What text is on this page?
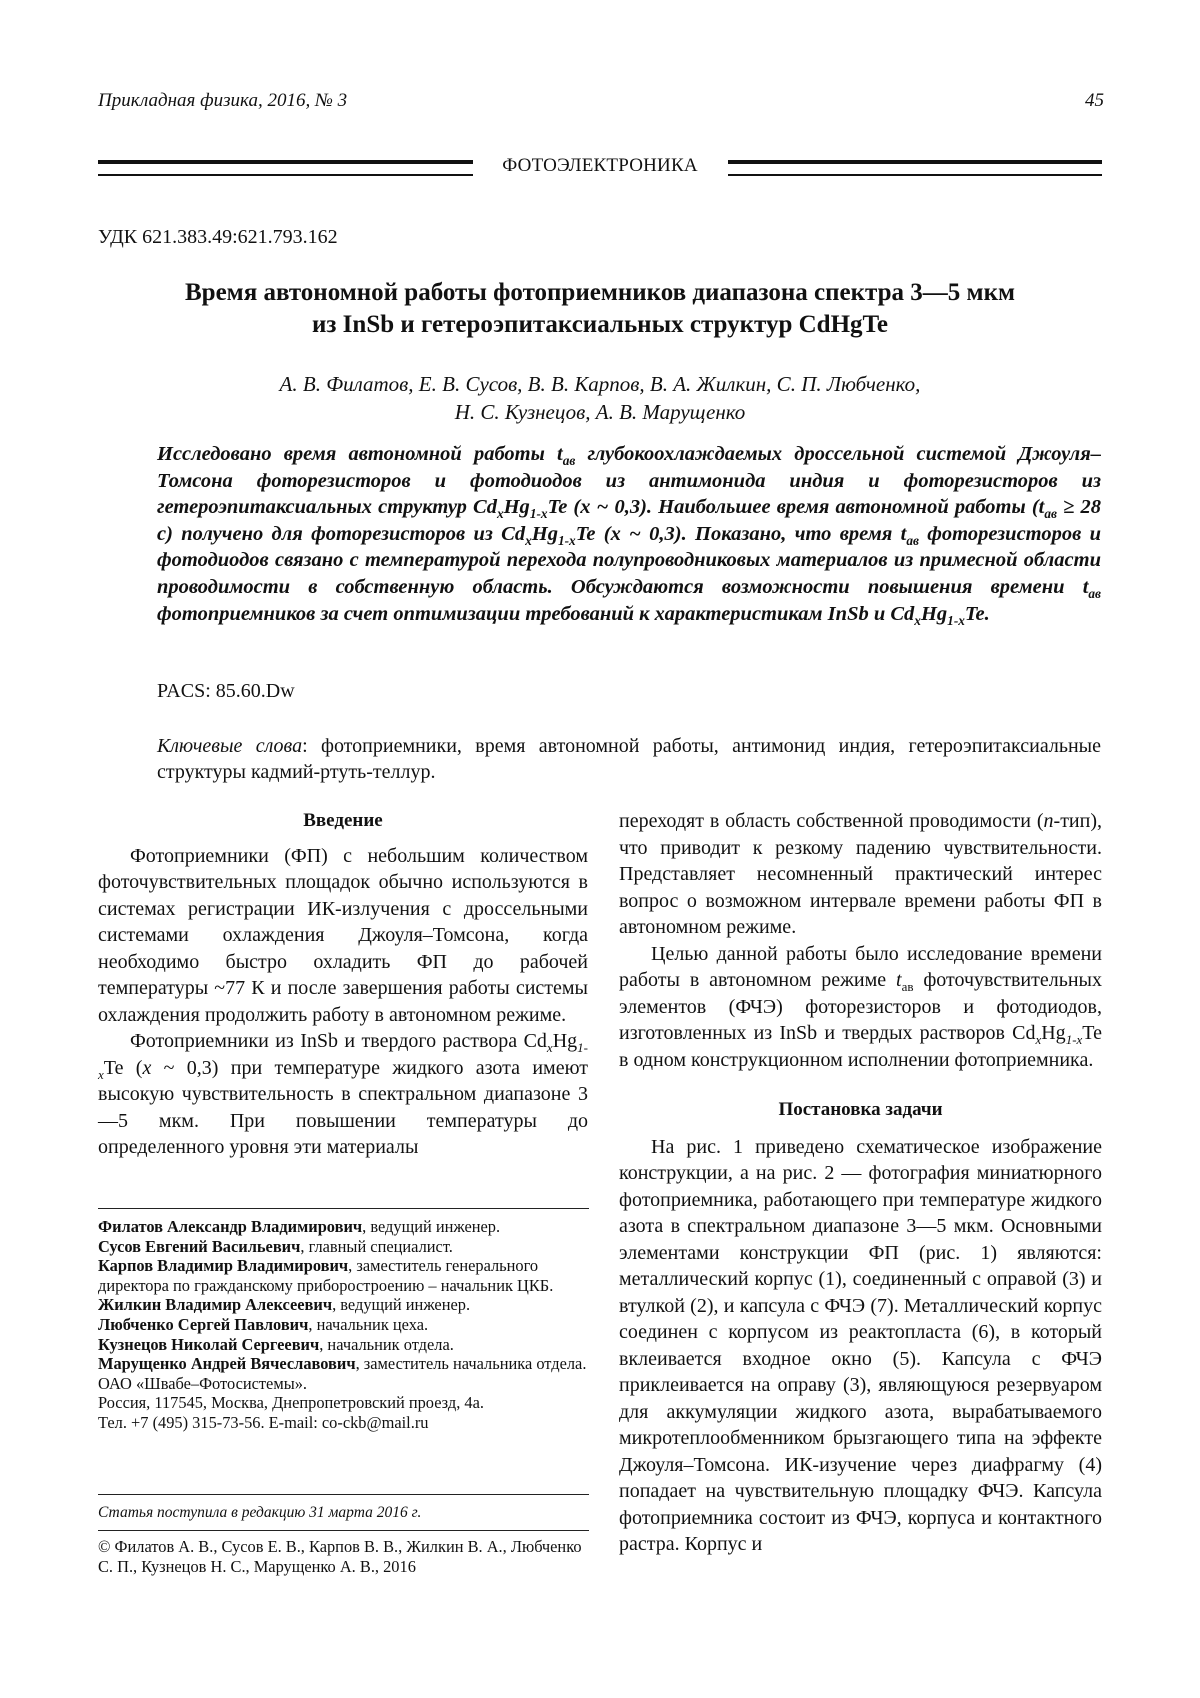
Прикладная физика, 2016, № 3	45
ФОТОЭЛЕКТРОНИКА
УДК 621.383.49:621.793.162
Время автономной работы фотоприемников диапазона спектра 3—5 мкм
из InSb и гетероэпитаксиальных структур CdHgTe
А. В. Филатов, Е. В. Сусов, В. В. Карпов, В. А. Жилкин, С. П. Любченко,
Н. С. Кузнецов, А. В. Марущенко
Исследовано время автономной работы $t_{ав}$ глубокоохлаждаемых дроссельной системой Джоуля–Томсона фоторезисторов и фотодиодов из антимонида индия и фоторезисторов из гетероэпитаксиальных структур $Cd_xHg_{1-x}Te$ (x ~ 0,3). Наибольшее время автономной работы ($t_{ав} \ge 28$ с) получено для фоторезисторов из $Cd_xHg_{1-x}Te$ (x ~ 0,3). Показано, что время $t_{ав}$ фоторезисторов и фотодиодов связано с температурой перехода полупроводниковых материалов из примесной области проводимости в собственную область. Обсуждаются возможности повышения времени $t_{ав}$ фотоприемников за счет оптимизации требований к характеристикам InSb и $Cd_xHg_{1-x}Te$.
PACS: 85.60.Dw
Ключевые слова: фотоприемники, время автономной работы, антимонид индия, гетероэпитаксиальные структуры кадмий-ртуть-теллур.
Введение

Фотоприемники (ФП) с небольшим количеством фоточувствительных площадок обычно используются в системах регистрации ИК-излучения с дроссельными системами охлаждения Джоуля–Томсона, когда необходимо быстро охладить ФП до рабочей температуры ~77 К и после завершения работы системы охлаждения продолжить работу в автономном режиме.

Фотоприемники из InSb и твердого раствора $Cd_xHg_{1-x}Te$ (x ~ 0,3) при температуре жидкого азота имеют высокую чувствительность в спектральном диапазоне 3—5 мкм. При повышении температуры до определенного уровня эти материалы

Филатов Александр Владимирович, ведущий инженер.

Сусов Евгений Васильевич, главный специалист.

Карпов Владимир Владимирович, заместитель генерального директора по гражданскому приборостроению – начальник ЦКБ.

Жилкин Владимир Алексеевич, ведущий инженер.

Любченко Сергей Павлович, начальник цеха.

Кузнецов Николай Сергеевич, начальник отдела.

Марущенко Андрей Вячеславович, заместитель начальника отдела.

ОАО «Швабе–Фотосистемы».

Россия, 117545, Москва, Днепропетровский проезд, 4а.

Тел. +7 (495) 315-73-56. E-mail: co-ckb@mail.ru

Статья поступила в редакцию 31 марта 2016 г.
© Филатов А. В., Сусов Е. В., Карпов В. В., Жилкин В. А., Любченко С. П., Кузнецов Н. С., Марущенко А. В., 2016

переходят в область собственной проводимости (n-тип), что приводит к резкому падению чувствительности. Представляет несомненный практический интерес вопрос о возможном интервале времени работы ФП в автономном режиме.

Целью данной работы было исследование времени работы в автономном режиме $t_{ав}$ фоточувствительных элементов (ФЧЭ) фоторезисторов и фотодиодов, изготовленных из InSb и твердых растворов $Cd_xHg_{1-x}Te$ в одном конструкционном исполнении фотоприемника.

Постановка задачи

На рис. 1 приведено схематическое изображение конструкции, а на рис. 2 — фотография миниатюрного фотоприемника, работающего при температуре жидкого азота в спектральном диапазоне 3—5 мкм. Основными элементами конструкции ФП (рис. 1) являются: металлический корпус (1), соединенный с оправой (3) и втулкой (2), и капсула с ФЧЭ (7). Металлический корпус соединен с корпусом из реактопласта (6), в который вклеивается входное окно (5). Капсула с ФЧЭ приклеивается на оправу (3), являющуюся резервуаром для аккумуляции жидкого азота, вырабатываемого микротеплообменником брызгающего типа на эффекте Джоуля–Томсона. ИК-изучение через диафрагму (4) попадает на чувствительную площадку ФЧЭ. Капсула фотоприемника состоит из ФЧЭ, корпуса и контактного растра. Корпус и
